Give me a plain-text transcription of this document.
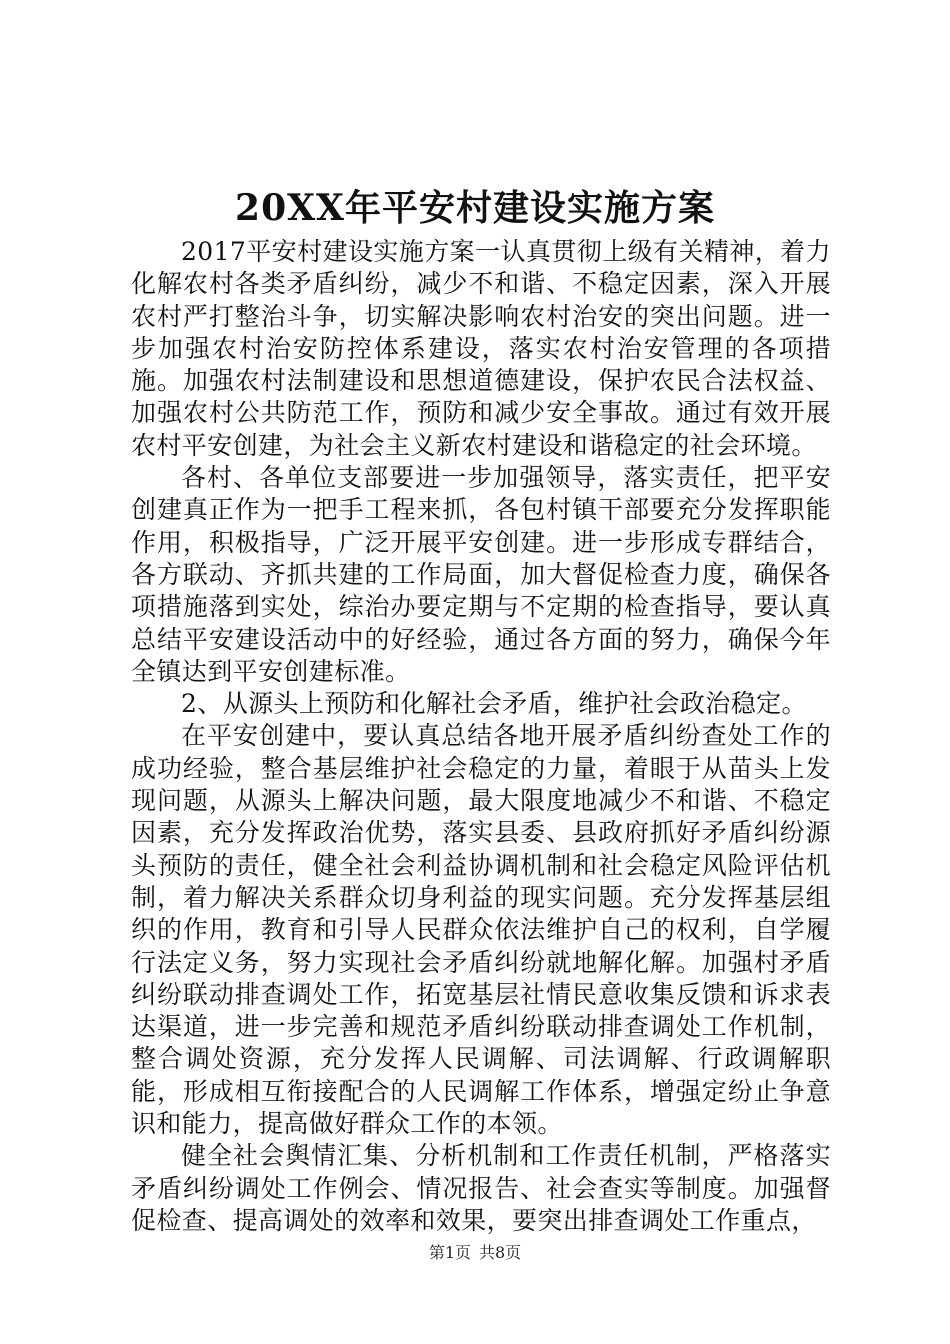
20XX年平安村建设实施方案

2017平安村建设实施方案一认真贯彻上级有关精神，着力化解农村各类矛盾纠纷，减少不和谐、不稳定因素，深入开展农村严打整治斗争，切实解决影响农村治安的突出问题。进一步加强农村治安防控体系建设，落实农村治安管理的各项措施。加强农村法制建设和思想道德建设，保护农民合法权益、加强农村公共防范工作，预防和减少安全事故。通过有效开展农村平安创建，为社会主义新农村建设和谐稳定的社会环境。

各村、各单位支部要进一步加强领导，落实责任，把平安创建真正作为一把手工程来抓，各包村镇干部要充分发挥职能作用，积极指导，广泛开展平安创建。进一步形成专群结合，各方联动、齐抓共建的工作局面，加大督促检查力度，确保各项措施落到实处，综治办要定期与不定期的检查指导，要认真总结平安建设活动中的好经验，通过各方面的努力，确保今年全镇达到平安创建标准。

2、从源头上预防和化解社会矛盾，维护社会政治稳定。

在平安创建中，要认真总结各地开展矛盾纠纷查处工作的成功经验，整合基层维护社会稳定的力量，着眼于从苗头上发现问题，从源头上解决问题，最大限度地减少不和谐、不稳定因素，充分发挥政治优势，落实县委、县政府抓好矛盾纠纷源头预防的责任，健全社会利益协调机制和社会稳定风险评估机制，着力解决关系群众切身利益的现实问题。充分发挥基层组织的作用，教育和引导人民群众依法维护自己的权利，自学履行法定义务，努力实现社会矛盾纠纷就地解化解。加强村矛盾纠纷联动排查调处工作，拓宽基层社情民意收集反馈和诉求表达渠道，进一步完善和规范矛盾纠纷联动排查调处工作机制，整合调处资源，充分发挥人民调解、司法调解、行政调解职能，形成相互衔接配合的人民调解工作体系，增强定纷止争意识和能力，提高做好群众工作的本领。

健全社会舆情汇集、分析机制和工作责任机制，严格落实矛盾纠纷调处工作例会、情况报告、社会查实等制度。加强督促检查、提高调处的效率和效果，要突出排查调处工作重点，

第1页 共8页
